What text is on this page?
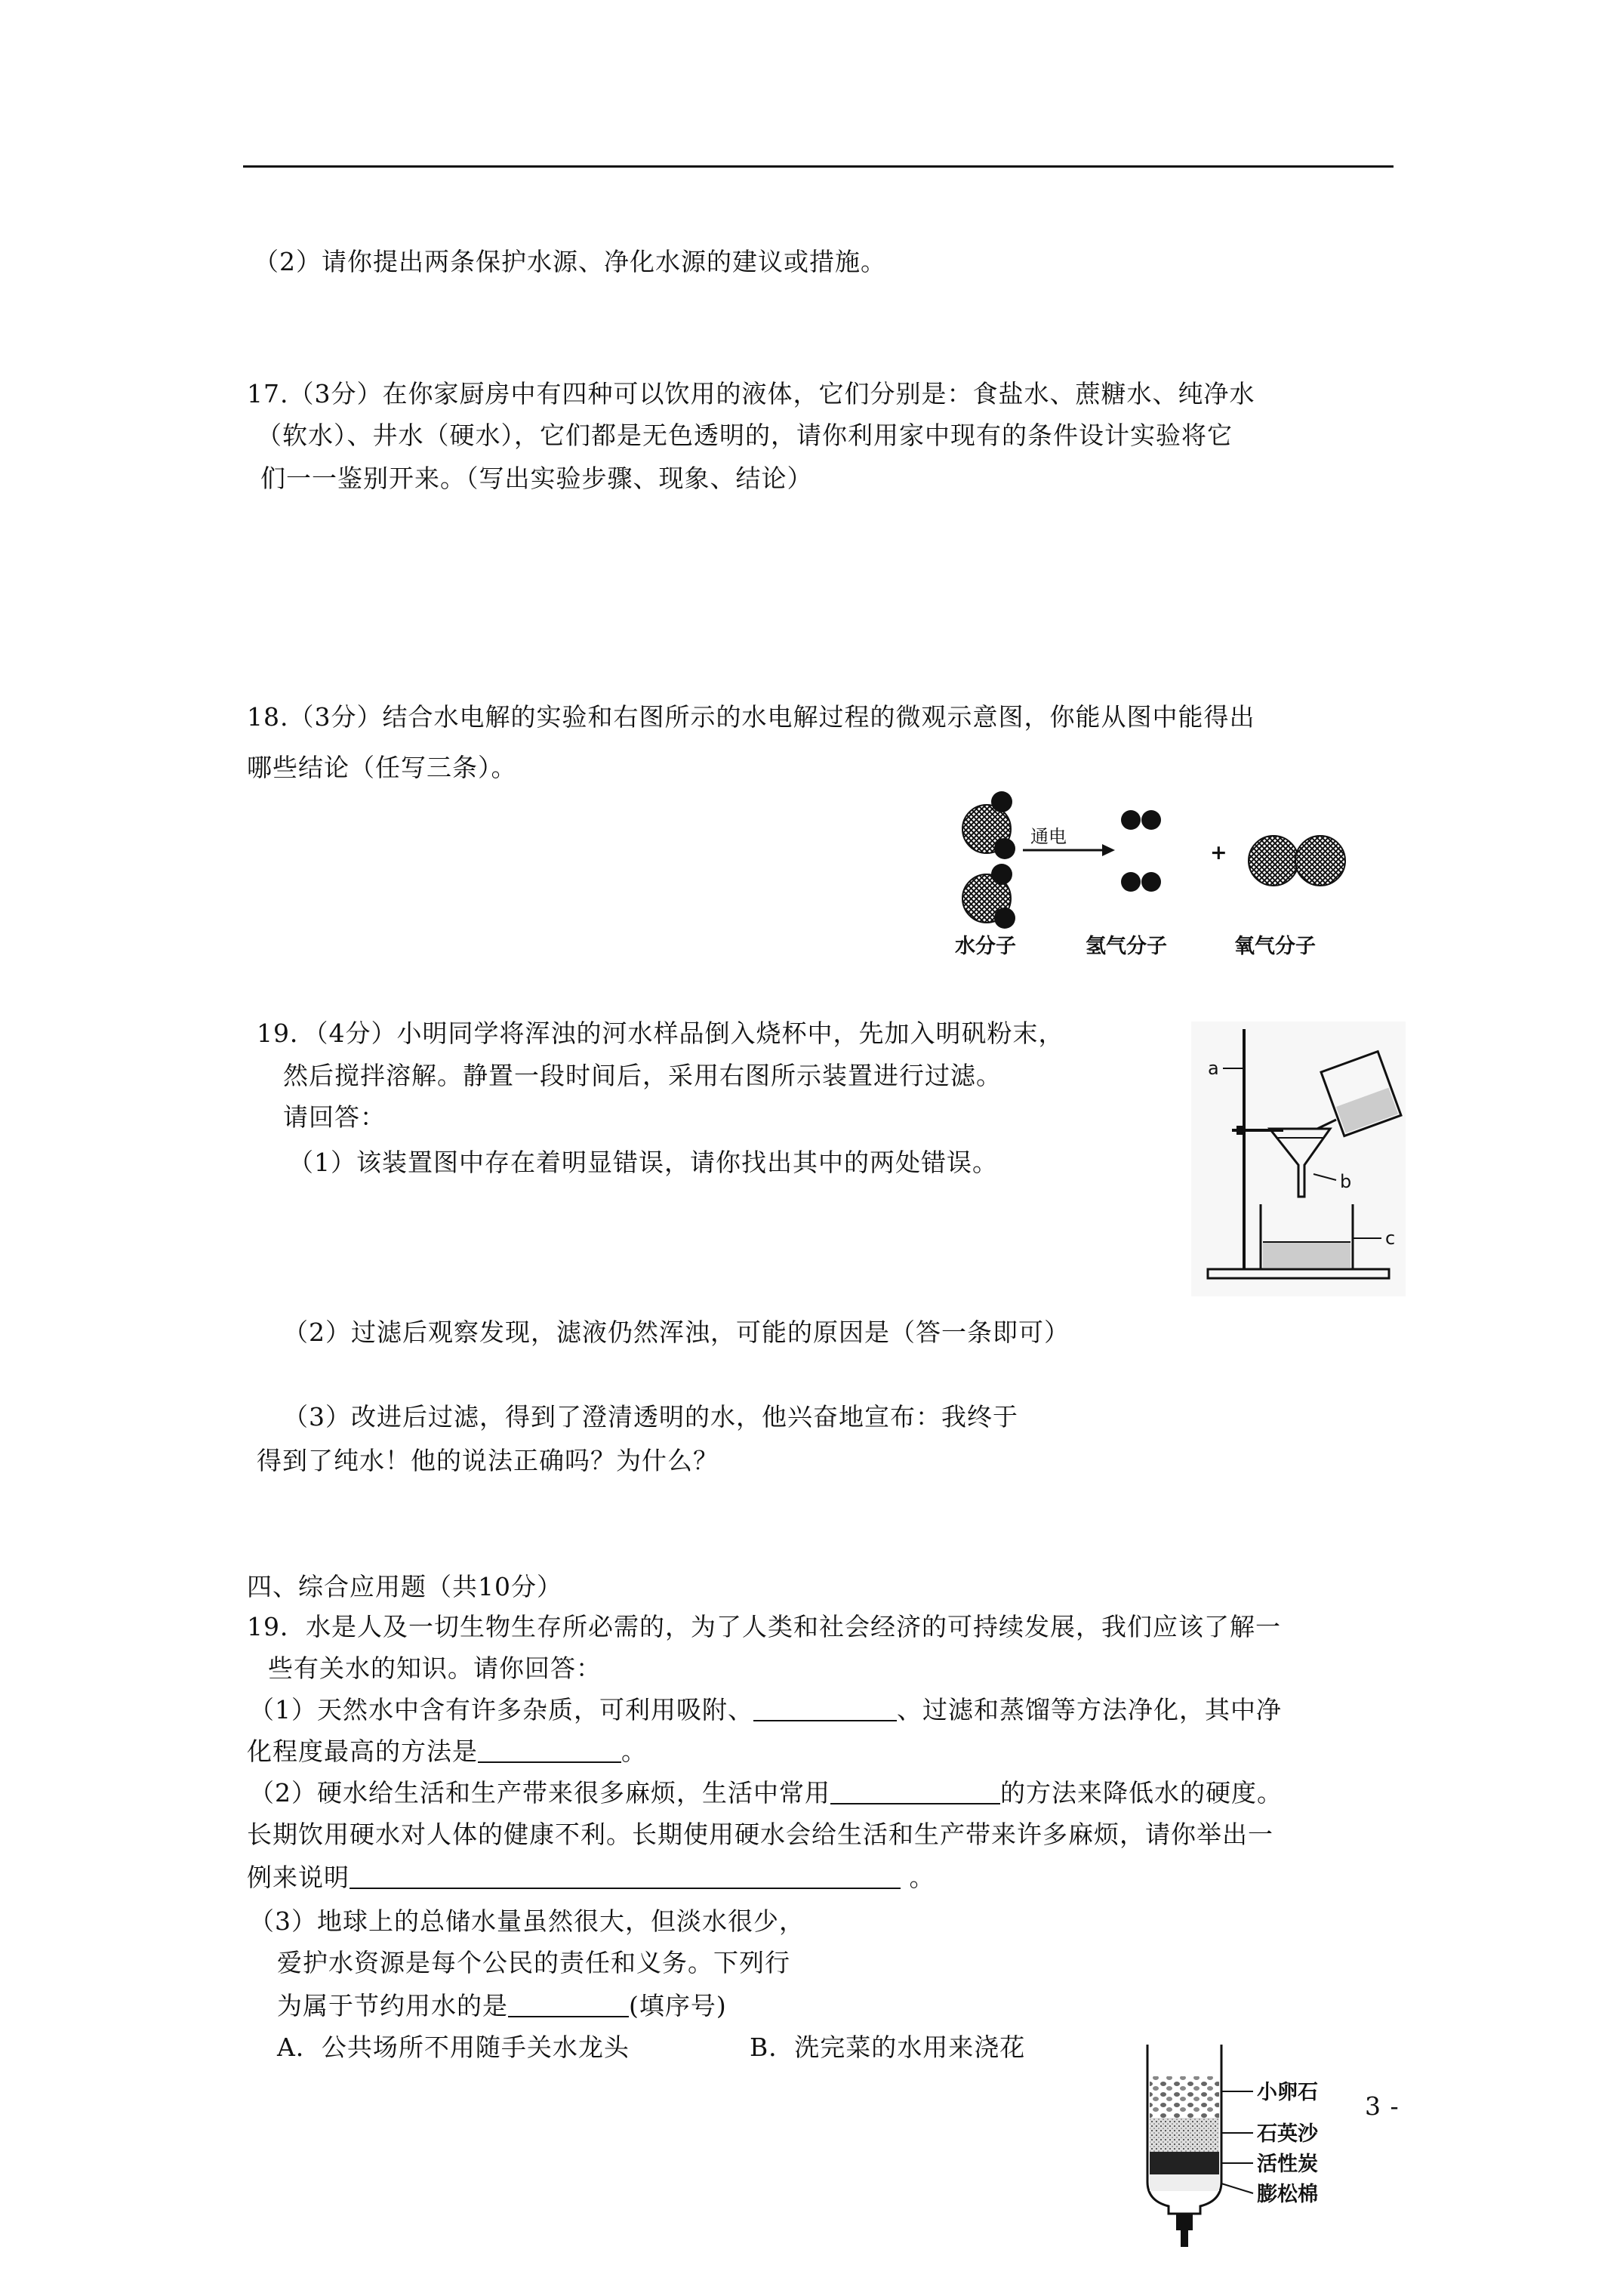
（2）请你提出两条保护水源、净化水源的建议或措施。
17.（3分）在你家厨房中有四种可以饮用的液体，它们分别是：食盐水、蔗糖水、纯净水
（软水）、井水（硬水），它们都是无色透明的，请你利用家中现有的条件设计实验将它
们一一鉴别开来。（写出实验步骤、现象、结论）
18.（3分）结合水电解的实验和右图所示的水电解过程的微观示意图，你能从图中能得出
哪些结论（任写三条）。
通电
+
水分子	氢气分子	氧气分子
19．（4分）小明同学将浑浊的河水样品倒入烧杯中，先加入明矾粉末，
然后搅拌溶解。静置一段时间后，采用右图所示装置进行过滤。
请回答：
（1）该装置图中存在着明显错误，请你找出其中的两处错误。
a
b
c
（2）过滤后观察发现，滤液仍然浑浊，可能的原因是（答一条即可）
（3）改进后过滤，得到了澄清透明的水，他兴奋地宣布：我终于
得到了纯水！他的说法正确吗？为什么？
四、综合应用题（共10分）
19．水是人及一切生物生存所必需的，为了人类和社会经济的可持续发展，我们应该了解一
些有关水的知识。请你回答：
（1）天然水中含有许多杂质，可利用吸附、	、过滤和蒸馏等方法净化，其中净
化程度最高的方法是	。
（2）硬水给生活和生产带来很多麻烦，生活中常用	的方法来降低水的硬度。
长期饮用硬水对人体的健康不利。长期使用硬水会给生活和生产带来许多麻烦，请你举出一
例来说明	。
（3）地球上的总储水量虽然很大，但淡水很少，
爱护水资源是每个公民的责任和义务。下列行
为属于节约用水的是	(填序号)
A．公共场所不用随手关水龙头	B．洗完菜的水用来浇花
小卵石
石英沙
活性炭
膨松棉
3 -
